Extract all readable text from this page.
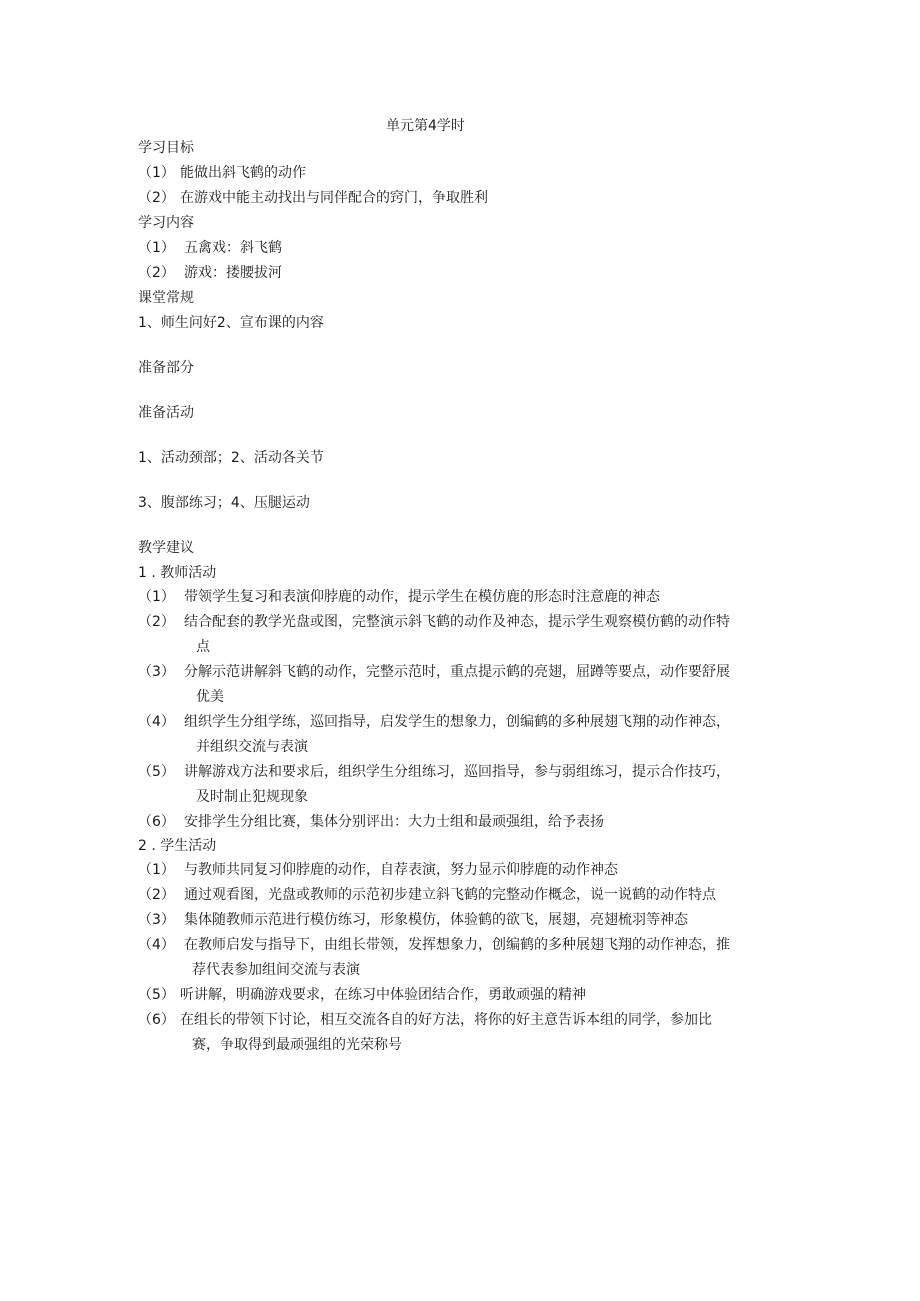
单元第4学时
学习目标
（1） 能做出斜飞鹤的动作
（2） 在游戏中能主动找出与同伴配合的窍门，争取胜利
学习内容
（1） 五禽戏：斜飞鹤
（2） 游戏：搂腰拔河
课堂常规
1、师生问好2、宣布课的内容
准备部分
准备活动
1、活动颈部；2、活动各关节
3、腹部练习；4、压腿运动
教学建议
1 . 教师活动
（1） 带领学生复习和表演仰脖鹿的动作，提示学生在模仿鹿的形态时注意鹿的神态
（2） 结合配套的教学光盘或图，完整演示斜飞鹤的动作及神态，提示学生观察模仿鹤的动作特
点
（3） 分解示范讲解斜飞鹤的动作，完整示范时，重点提示鹤的亮翅，屈蹲等要点，动作要舒展
优美
（4） 组织学生分组学练，巡回指导，启发学生的想象力，创编鹤的多种展翅飞翔的动作神态，
并组织交流与表演
（5） 讲解游戏方法和要求后，组织学生分组练习，巡回指导，参与弱组练习，提示合作技巧，
及时制止犯规现象
（6） 安排学生分组比赛，集体分别评出：大力士组和最顽强组，给予表扬
2 . 学生活动
（1） 与教师共同复习仰脖鹿的动作，自荐表演，努力显示仰脖鹿的动作神态
（2） 通过观看图，光盘或教师的示范初步建立斜飞鹤的完整动作概念，说一说鹤的动作特点
（3） 集体随教师示范进行模仿练习，形象模仿，体验鹤的欲飞，展翅，亮翅梳羽等神态
（4） 在教师启发与指导下，由组长带领，发挥想象力，创编鹤的多种展翅飞翔的动作神态，推
荐代表参加组间交流与表演
（5） 听讲解，明确游戏要求，在练习中体验团结合作，勇敢顽强的精神
（6） 在组长的带领下讨论，相互交流各自的好方法，将你的好主意告诉本组的同学，参加比
赛，争取得到最顽强组的光荣称号
